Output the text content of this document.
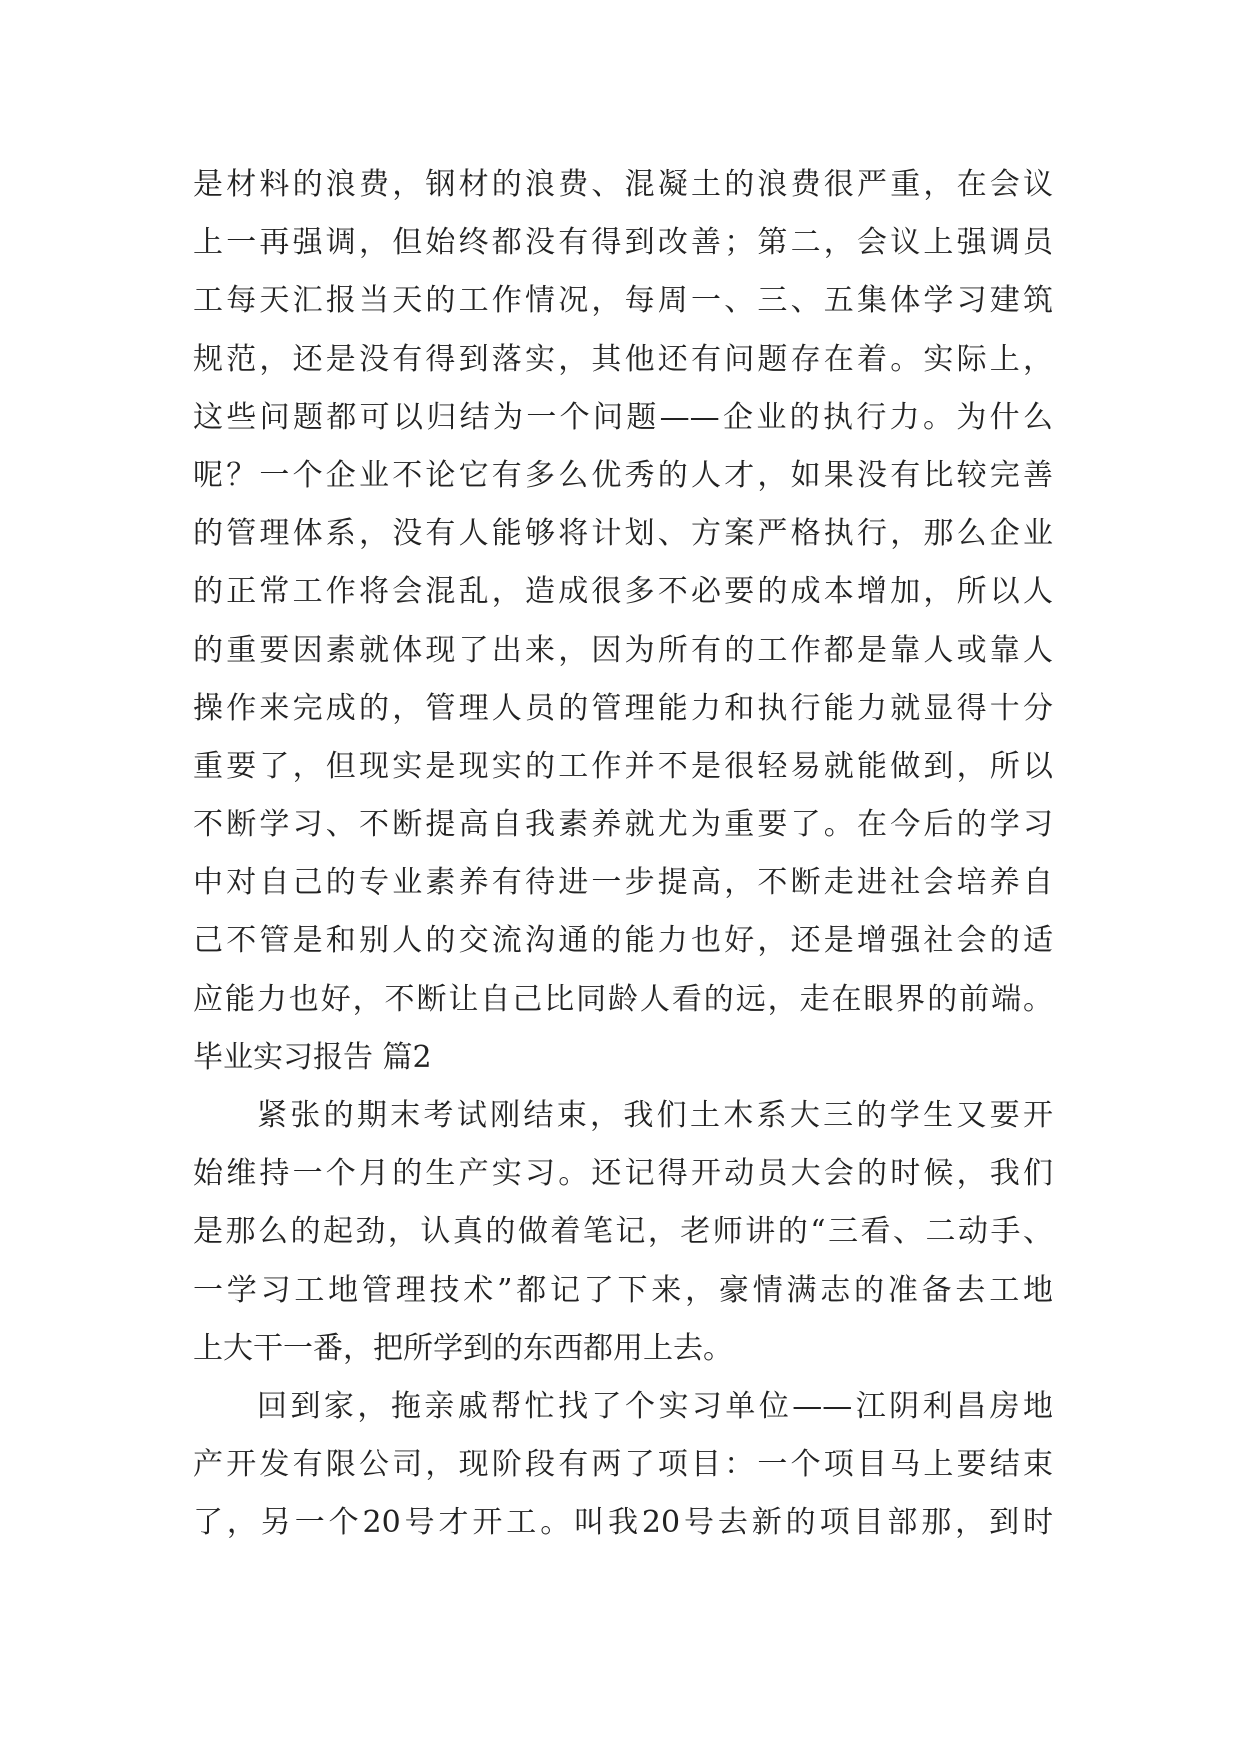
是材料的浪费，钢材的浪费、混凝土的浪费很严重，在会议
上一再强调，但始终都没有得到改善；第二，会议上强调员
工每天汇报当天的工作情况，每周一、三、五集体学习建筑
规范，还是没有得到落实，其他还有问题存在着。实际上，
这些问题都可以归结为一个问题——企业的执行力。为什么
呢？一个企业不论它有多么优秀的人才，如果没有比较完善
的管理体系，没有人能够将计划、方案严格执行，那么企业
的正常工作将会混乱，造成很多不必要的成本增加，所以人
的重要因素就体现了出来，因为所有的工作都是靠人或靠人
操作来完成的，管理人员的管理能力和执行能力就显得十分
重要了，但现实是现实的工作并不是很轻易就能做到，所以
不断学习、不断提高自我素养就尤为重要了。在今后的学习
中对自己的专业素养有待进一步提高，不断走进社会培养自
己不管是和别人的交流沟通的能力也好，还是增强社会的适
应能力也好，不断让自己比同龄人看的远，走在眼界的前端。
毕业实习报告 篇2
紧张的期末考试刚结束，我们土木系大三的学生又要开
始维持一个月的生产实习。还记得开动员大会的时候，我们
是那么的起劲，认真的做着笔记，老师讲的“三看、二动手、
一学习工地管理技术”都记了下来，豪情满志的准备去工地
上大干一番，把所学到的东西都用上去。
回到家，拖亲戚帮忙找了个实习单位——江阴利昌房地
产开发有限公司，现阶段有两了项目：一个项目马上要结束
了，另一个20号才开工。叫我20号去新的项目部那，到时
